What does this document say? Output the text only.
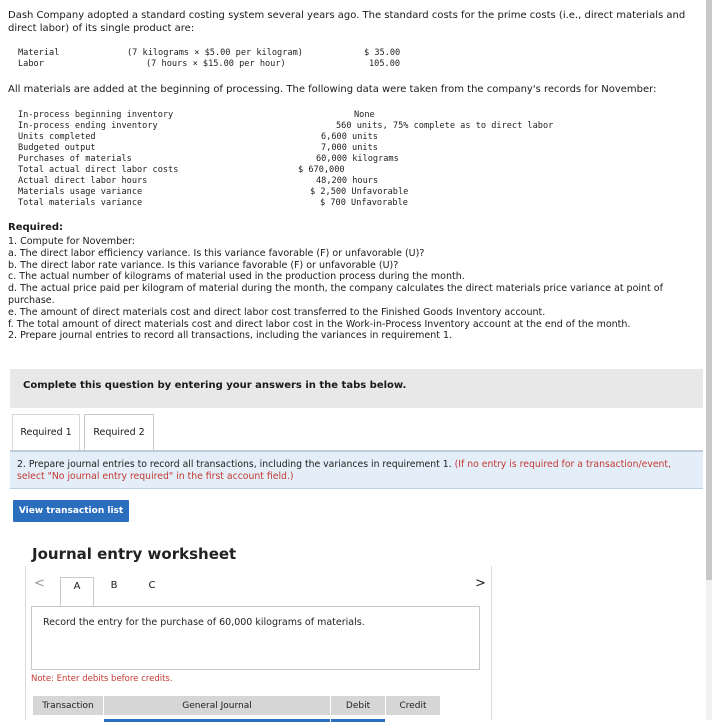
Dash Company adopted a standard costing system several years ago. The standard costs for the prime costs (i.e., direct materials and direct labor) of its single product are:
Material	(7 kilograms × $5.00 per kilogram)	$ 35.00
Labor	(7 hours × $15.00 per hour)	105.00
All materials are added at the beginning of processing. The following data were taken from the company's records for November:
In-process beginning inventory	None
In-process ending inventory	560 units, 75% complete as to direct labor
Units completed	6,600 units
Budgeted output	7,000 units
Purchases of materials	60,000 kilograms
Total actual direct labor costs	$ 670,000
Actual direct labor hours	48,200 hours
Materials usage variance	$ 2,500 Unfavorable
Total materials variance	$ 700 Unfavorable
Required:
1. Compute for November:
a. The direct labor efficiency variance. Is this variance favorable (F) or unfavorable (U)?
b. The direct labor rate variance. Is this variance favorable (F) or unfavorable (U)?
c. The actual number of kilograms of material used in the production process during the month.
d. The actual price paid per kilogram of material during the month, the company calculates the direct materials price variance at point of purchase.
e. The amount of direct materials cost and direct labor cost transferred to the Finished Goods Inventory account.
f. The total amount of direct materials cost and direct labor cost in the Work-in-Process Inventory account at the end of the month.
2. Prepare journal entries to record all transactions, including the variances in requirement 1.
Complete this question by entering your answers in the tabs below.
Required 1	Required 2
2. Prepare journal entries to record all transactions, including the variances in requirement 1. (If no entry is required for a transaction/event, select "No journal entry required" in the first account field.)
View transaction list
Journal entry worksheet
<	A	B	C	>
Record the entry for the purchase of 60,000 kilograms of materials.
Note: Enter debits before credits.
Transaction	General Journal	Debit	Credit
